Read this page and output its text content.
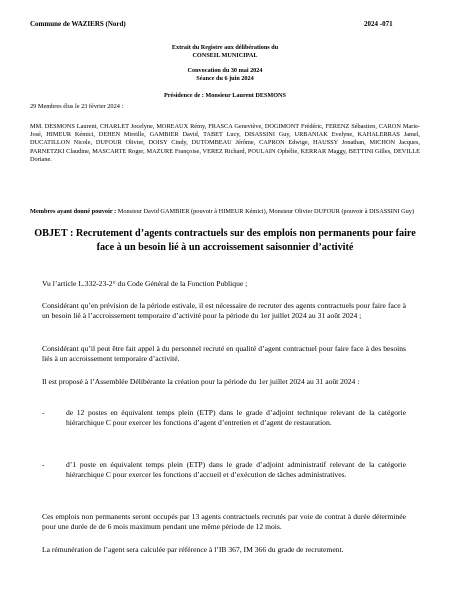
Commune de WAZIERS (Nord)	2024 -071
Extrait du Registre aux délibérations du
CONSEIL MUNICIPAL
Convocation du 30 mai 2024
Séance du 6 juin 2024
Présidence de : Monsieur Laurent DESMONS
29 Membres élus le 23 février 2024 :
MM. DESMONS Laurent, CHARLET Jocelyne, MOREAUX Rémy, FRASCA Geneviève, DOGIMONT Frédéric, FERENZ Sébastien, CARON Marie-José, HIMEUR Kémici, DEHEN Mireille, GAMBIER David, TABET Lucy, DISASSINI Guy, URBANIAK Evelyne, KAHALERRAS Jamel, DUCATILLON Nicole, DUFOUR Olivier, DOISY Cindy, DUTOMBEAU Jérôme, CAPRON Edwige, HAUSSY Jonathan, MICHON Jacques, PARNETZKI Claudine, MASCARTE Roger, MAZURE Françoise, VEREZ Richard, POULAIN Ophélie, KERRAR Maggy, BETTINI Gilles, DEVILLE Doriane.
Membres ayant donné pouvoir : Monsieur David GAMBIER (pouvoir à HIMEUR Kémici), Monsieur Olivier DUFOUR (pouvoir à DISASSINI Guy)
OBJET : Recrutement d’agents contractuels sur des emplois non permanents pour faire face à un besoin lié à un accroissement saisonnier d’activité
Vu l’article L.332-23-2° du Code Général de la Fonction Publique ;
Considérant qu’en prévision de la période estivale, il est nécessaire de recruter des agents contractuels pour faire face à un besoin lié à l’accroissement temporaire d’activité pour la période du 1er juillet 2024 au 31 août 2024 ;
Considérant qu’il peut être fait appel à du personnel recruté en qualité d’agent contractuel pour faire face à des besoins liés à un accroissement temporaire d’activité.
Il est proposé à l’Assemblée Délibérante la création pour la période du 1er juillet 2024 au 31 août 2024 :
-	de 12 postes en équivalent temps plein (ETP) dans le grade d’adjoint technique relevant de la catégorie hiérarchique C pour exercer les fonctions d’agent d’entretien et d’agent de restauration.
-	d’1 poste en équivalent temps plein (ETP) dans le grade d’adjoint administratif relevant de la catégorie hiérarchique C pour exercer les fonctions d’accueil et d’exécution de tâches administratives.
Ces emplois non permanents seront occupés par 13 agents contractuels recrutés par voie de contrat à durée déterminée pour une durée de de 6 mois maximum pendant une même période de 12 mois.
La rémunération de l’agent sera calculée par référence à l’IB 367, IM 366 du grade de recrutement.
